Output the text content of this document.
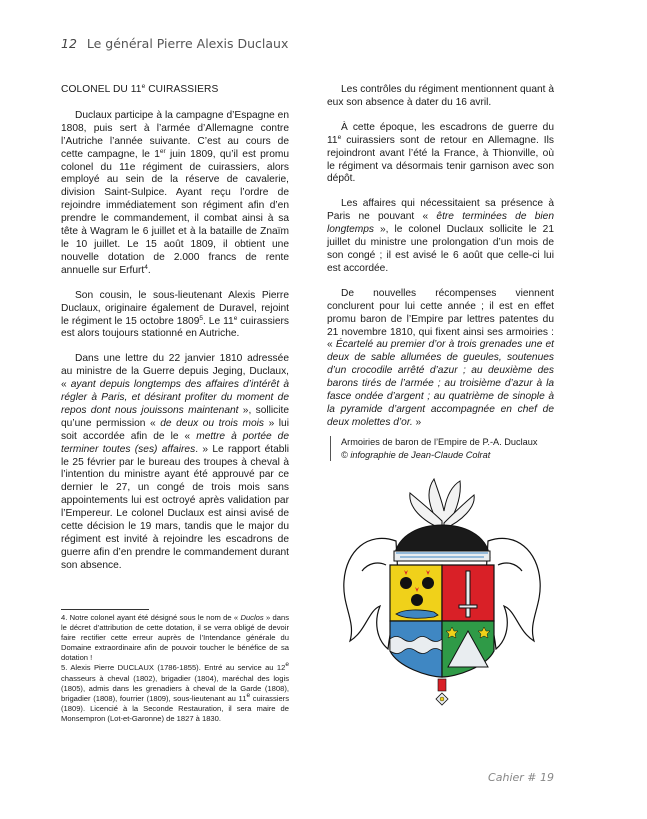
12 Le général Pierre Alexis Duclaux
COLONEL DU 11e CUIRASSIERS

Duclaux participe à la campagne d’Espagne en 1808, puis sert à l’armée d’Allemagne contre l’Autriche l’année suivante. C’est au cours de cette campagne, le 1er juin 1809, qu’il est promu colonel du 11e régiment de cuirassiers, alors employé au sein de la réserve de cavalerie, division Saint-Sulpice. Ayant reçu l’ordre de rejoindre immédiatement son régiment afin d’en prendre le commandement, il combat ainsi à sa tête à Wagram le 6 juillet et à la bataille de Znaïm le 10 juillet. Le 15 août 1809, il obtient une nouvelle dotation de 2.000 francs de rente annuelle sur Erfurt$^4$.

Son cousin, le sous-lieutenant Alexis Pierre Duclaux, originaire également de Duravel, rejoint le régiment le 15 octobre 1809$^5$. Le 11e cuirassiers est alors toujours stationné en Autriche.

Dans une lettre du 22 janvier 1810 adressée au ministre de la Guerre depuis Jeging, Duclaux, « ayant depuis longtemps des affaires d’intérêt à régler à Paris, et désirant profiter du moment de repos dont nous jouissons maintenant », sollicite qu’une permission « de deux ou trois mois » lui soit accordée afin de le « mettre à portée de terminer toutes (ses) affaires. » Le rapport établi le 25 février par le bureau des troupes à cheval à l’intention du ministre ayant été approuvé par ce dernier le 27, un congé de trois mois sans appointements lui est octroyé après validation par l’Empereur. Le colonel Duclaux est ainsi avisé de cette décision le 19 mars, tandis que le major du régiment est invité à rejoindre les escadrons de guerre afin d’en prendre le commandement durant son absence.

Les contrôles du régiment mentionnent quant à eux son absence à dater du 16 avril.

À cette époque, les escadrons de guerre du 11e cuirassiers sont de retour en Allemagne. Ils rejoindront avant l’été la France, à Thionville, où le régiment va désormais tenir garnison avec son dépôt.

Les affaires qui nécessitaient sa présence à Paris ne pouvant « être terminées de bien longtemps », le colonel Duclaux sollicite le 21 juillet du ministre une prolongation d’un mois de son congé ; il est avisé le 6 août que celle-ci lui est accordée.

De nouvelles récompenses viennent conclurent pour lui cette année ; il est en effet promu baron de l’Empire par lettres patentes du 21 novembre 1810, qui fixent ainsi ses armoiries : « Écartelé au premier d’or à trois grenades une et deux de sable allumées de gueules, soutenues d’un crocodile arrêté d’azur ; au deuxième des barons tirés de l’armée ; au troisième d’azur à la fasce ondée d’argent ; au quatrième de sinople à la pyramide d’argent accompagnée en chef de deux molettes d’or. »

Armoiries de baron de l’Empire de P.-A. Duclaux
© infographie de Jean-Claude Colrat

4. Notre colonel ayant été désigné sous le nom de « Duclos » dans le décret d’attribution de cette dotation, il se verra obligé de devoir faire rectifier cette erreur auprès de l’Intendance générale du Domaine extraordinaire afin de pouvoir toucher le bénéfice de sa dotation !

5. Alexis Pierre DUCLAUX (1786-1855). Entré au service au 12e chasseurs à cheval (1802), brigadier (1804), maréchal des logis (1805), admis dans les grenadiers à cheval de la Garde (1808), brigadier (1808), fourrier (1809), sous-lieutenant au 11e cuirassiers (1809). Licencié à la Seconde Restauration, il sera maire de Monsempron (Lot-et-Garonne) de 1827 à 1830.

Cahier # 19
